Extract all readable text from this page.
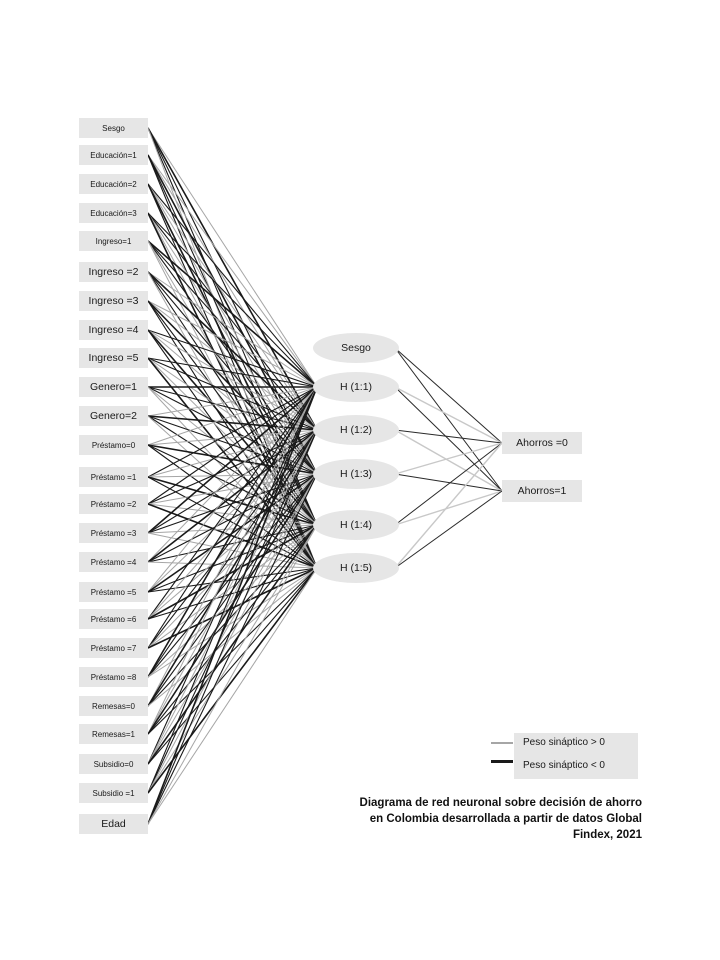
Sesgo
Educación=1
Educación=2
Educación=3
Ingreso=1
Ingreso =2
Ingreso =3
Ingreso =4
Ingreso =5
Genero=1
Genero=2
Préstamo=0
Préstamo =1
Préstamo =2
Préstamo =3
Préstamo =4
Préstamo =5
Préstamo =6
Préstamo =7
Préstamo =8
Remesas=0
Remesas=1
Subsidio=0
Subsidio =1
Edad
Sesgo
H (1:1)
H (1:2)
H (1:3)
H (1:4)
H (1:5)
Ahorros =0
Ahorros=1
Peso sináptico > 0
Peso sináptico < 0
Diagrama de red neuronal sobre decisión de ahorro
en Colombia desarrollada a partir de datos Global
Findex, 2021
